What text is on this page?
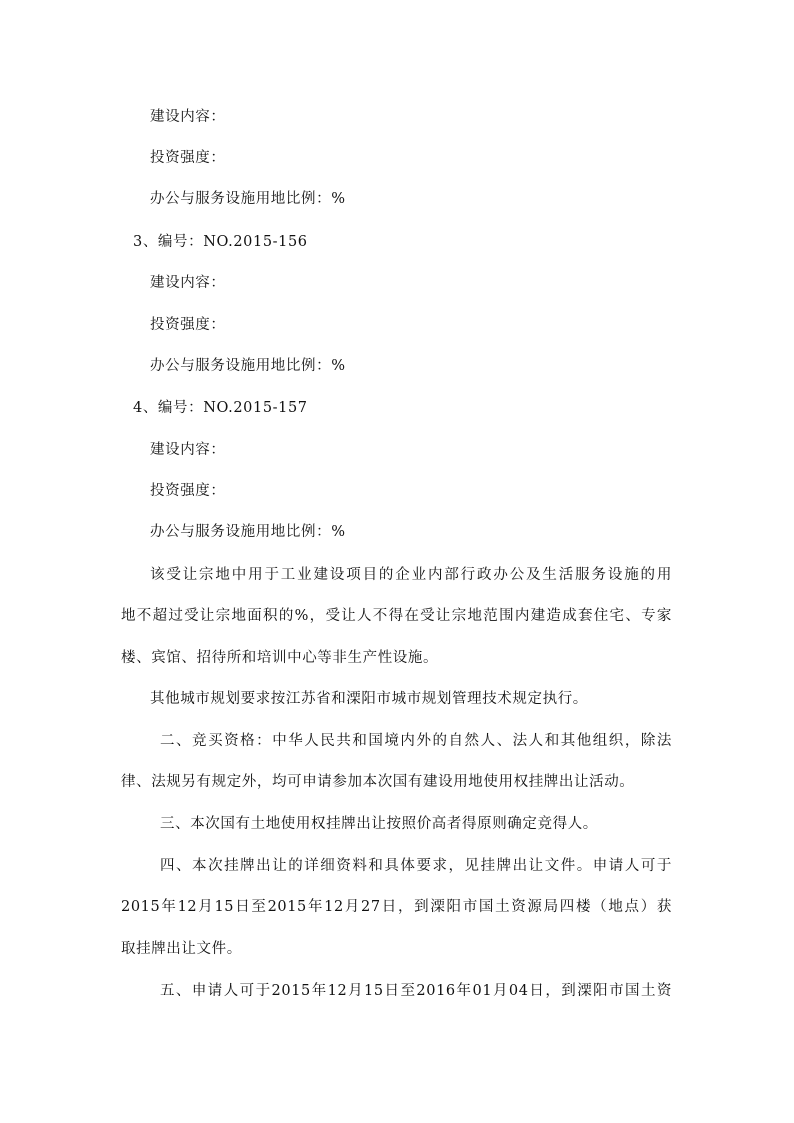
建设内容：
投资强度：
办公与服务设施用地比例：%
3、编号：NO.2015-156
建设内容：
投资强度：
办公与服务设施用地比例：%
4、编号：NO.2015-157
建设内容：
投资强度：
办公与服务设施用地比例：%
该受让宗地中用于工业建设项目的企业内部行政办公及生活服务设施的用
地不超过受让宗地面积的%，受让人不得在受让宗地范围内建造成套住宅、专家
楼、宾馆、招待所和培训中心等非生产性设施。
其他城市规划要求按江苏省和溧阳市城市规划管理技术规定执行。
二、竞买资格：中华人民共和国境内外的自然人、法人和其他组织，除法
律、法规另有规定外，均可申请参加本次国有建设用地使用权挂牌出让活动。
三、本次国有土地使用权挂牌出让按照价高者得原则确定竞得人。
四、本次挂牌出让的详细资料和具体要求，见挂牌出让文件。申请人可于
2015年12月15日至2015年12月27日，到溧阳市国土资源局四楼（地点）获
取挂牌出让文件。
五、申请人可于2015年12月15日至2016年01月04日，到溧阳市国土资
